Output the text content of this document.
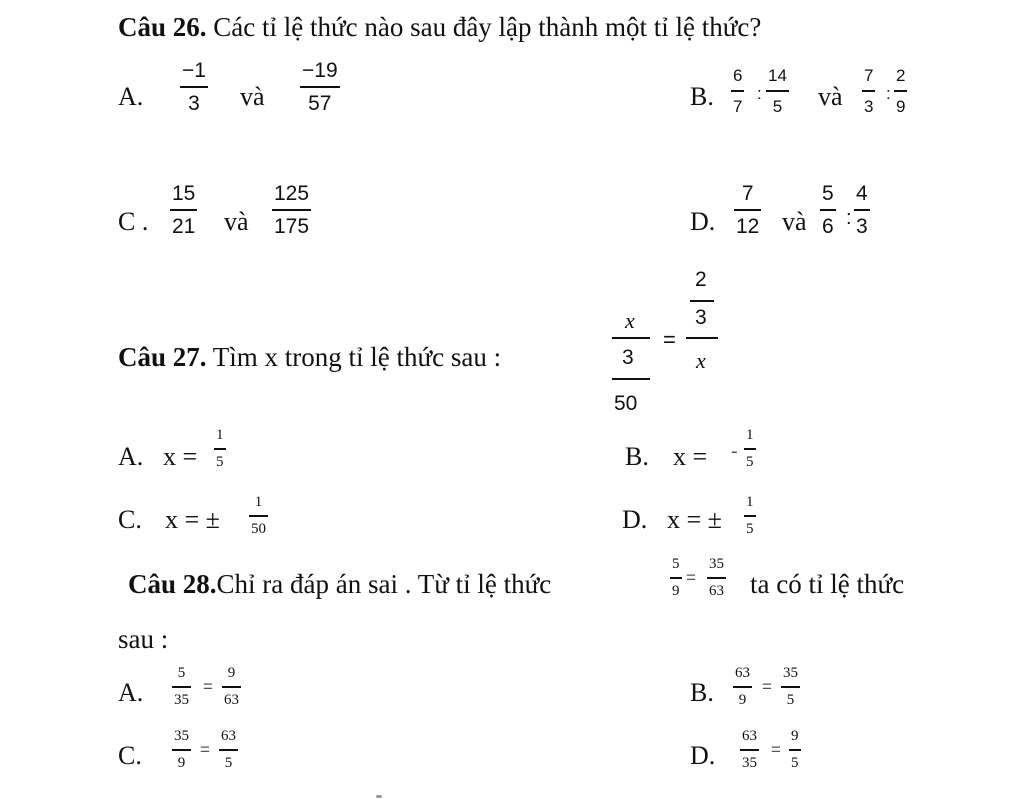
Câu 26. Các tỉ lệ thức nào sau đây lập thành một tỉ lệ thức?
A.
−1
3 và
−19
57	B.
6
7
:
14
5 và
7
3
:
2
9
C .
15
21 và
125
175	D.
7
12 và
5
6 :
4
3
Câu 27. Tìm x trong tỉ lệ thức sau :
x
3
50
=
2
3
x
A. x =
1
5	B. x = -
1
5
C. x = ±
1
50	D. x = ±
1
5
Câu 28.Chỉ ra đáp án sai . Từ tỉ lệ thức
5
9
=
35
63 ta có tỉ lệ thức
sau :
A.
5
35
=
9
63	B.
63
9
=
35
5
C.
35
9
=
63
5	D.
63
35
=
9
5
